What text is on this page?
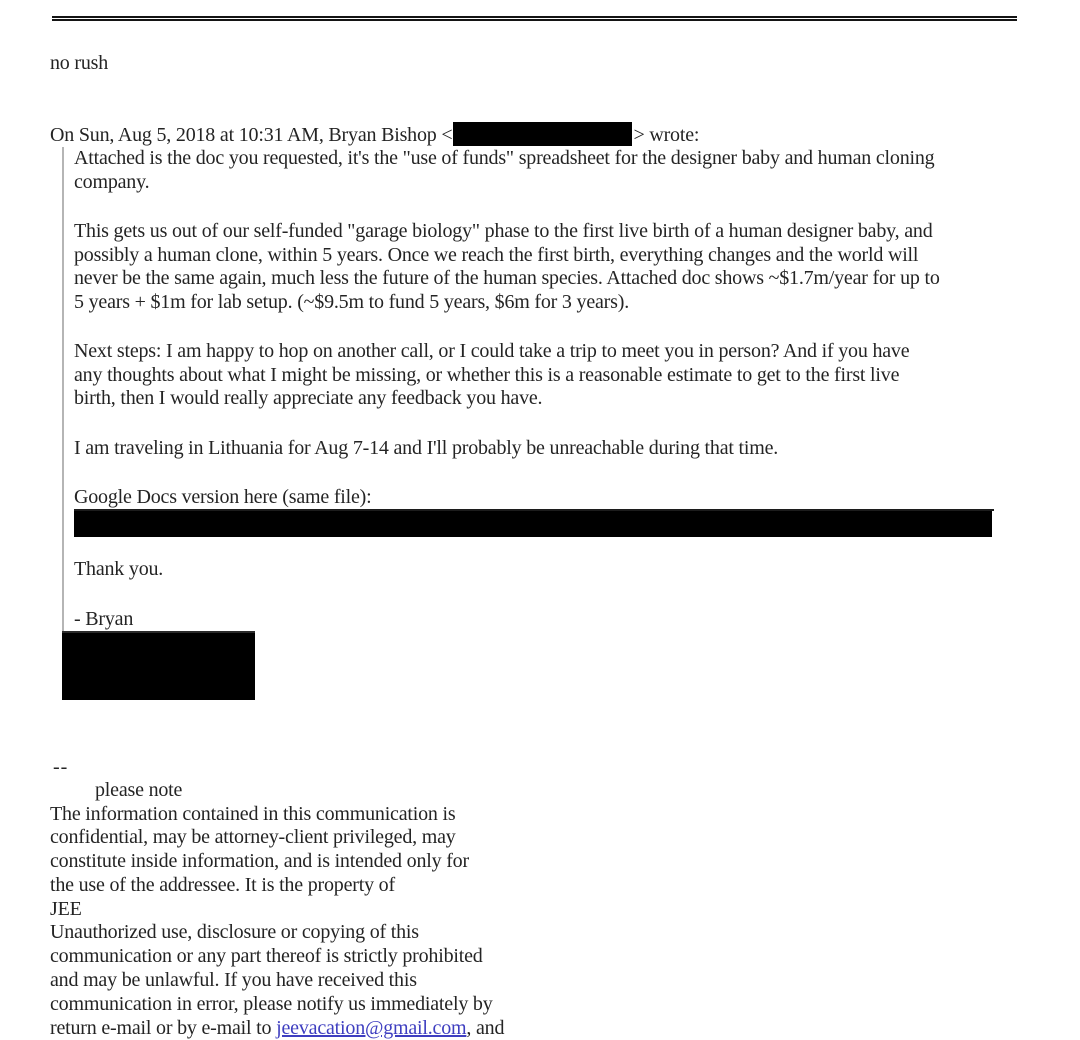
no rush
On Sun, Aug 5, 2018 at 10:31 AM, Bryan Bishop <	> wrote:
Attached is the doc you requested, it's the "use of funds" spreadsheet for the designer baby and human cloning
company.
This gets us out of our self-funded "garage biology" phase to the first live birth of a human designer baby, and
possibly a human clone, within 5 years. Once we reach the first birth, everything changes and the world will
never be the same again, much less the future of the human species. Attached doc shows ~$1.7m/year for up to
5 years + $1m for lab setup. (~$9.5m to fund 5 years, $6m for 3 years).
Next steps: I am happy to hop on another call, or I could take a trip to meet you in person? And if you have
any thoughts about what I might be missing, or whether this is a reasonable estimate to get to the first live
birth, then I would really appreciate any feedback you have.
I am traveling in Lithuania for Aug 7-14 and I'll probably be unreachable during that time.
Google Docs version here (same file):
Thank you.
- Bryan
--
please note
The information contained in this communication is
confidential, may be attorney-client privileged, may
constitute inside information, and is intended only for
the use of the addressee. It is the property of
JEE
Unauthorized use, disclosure or copying of this
communication or any part thereof is strictly prohibited
and may be unlawful. If you have received this
communication in error, please notify us immediately by
return e-mail or by e-mail to jeevacation@gmail.com, and
